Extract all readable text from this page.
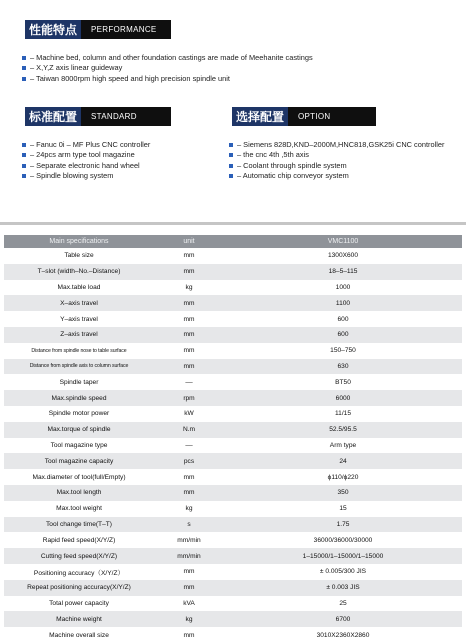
性能特点	PERFORMANCE
– Machine bed, column and other foundation castings are made of Meehanite castings
– X,Y,Z axis linear guideway
– Taiwan 8000rpm high speed and high precision spindle unit
标准配置	STANDARD
– Fanuc 0i – MF Plus CNC controller
– 24pcs arm type tool magazine
– Separate electronic hand wheel
– Spindle blowing system
选择配置	OPTION
– Siemens 828D,KND–2000M,HNC818,GSK25i CNC controller
– the cnc 4th ,5th axis
– Coolant through spindle system
– Automatic chip conveyor system
Main specifications	unit	VMC1100
Table size	mm	1300X600
T–slot (width–No.–Distance)	mm	18–5–115
Max.table load	kg	1000
X–axis travel	mm	1100
Y–axis travel	mm	600
Z–axis travel	mm	600
Distance from spindle nose to table surface	mm	150–750
Distance from spindle axis to column surface	mm	630
Spindle taper	––	BT50
Max.spindle speed	rpm	6000
Spindle motor power	kW	11/15
Max.torque of spindle	N.m	52.5/95.5
Tool magazine type	––	Arm type
Tool magazine capacity	pcs	24
Max.diameter of tool(full/Empty)	mm	ϕ110/ϕ220
Max.tool length	mm	350
Max.tool weight	kg	15
Tool change time(T–T)	s	1.75
Rapid feed speed(X/Y/Z)	mm/min	36000/36000/30000
Cutting feed speed(X/Y/Z)	mm/min	1–15000/1–15000/1–15000
Positioning accuracy（X/Y/Z）	mm	± 0.005/300 JIS
Repeat positioning accuracy(X/Y/Z)	mm	± 0.003 JIS
Total power capacity	kVA	25
Machine weight	kg	6700
Machine overall size	mm	3010X2360X2860
